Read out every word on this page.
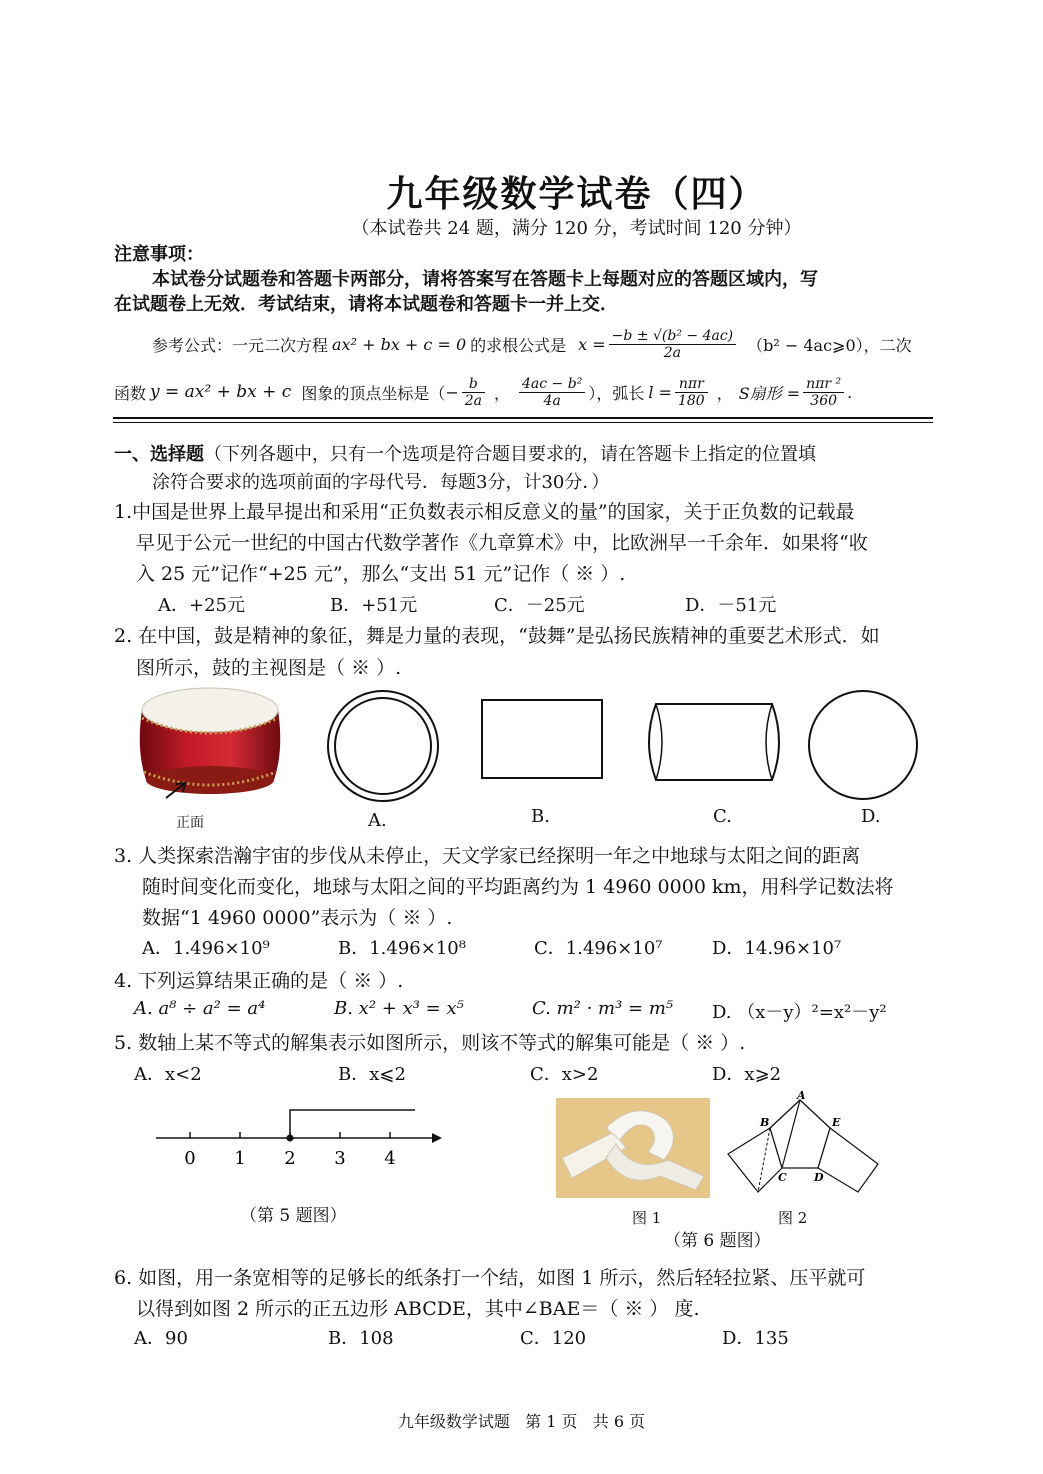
九年级数学试卷（四）
（本试卷共 24 题，满分 120 分，考试时间 120 分钟）
注意事项：
本试卷分试题卷和答题卡两部分，请将答案写在答题卡上每题对应的答题区域内，写
在试题卷上无效．考试结束，请将本试题卷和答题卡一并上交．
参考公式：一元二次方程 ax² + bx + c = 0 的求根公式是 $x = \frac{\text{−b ± √(b² − 4ac)}}{2a} (b^2$ − 4ac⩾0），二次
函数 y = ax² + bx + c 图象的顶点坐标是（ − $\frac{b}{2a}$ ， $\frac{\text{4ac − b²}}{4a}$ ），弧长 $l = \frac{\text{nπr}}{180}$ ， S扇形 = $\frac{\text{nπr ²}}{360}$ .
一、选择题（下列各题中，只有一个选项是符合题目要求的，请在答题卡上指定的位置填
涂符合要求的选项前面的字母代号．每题3分，计30分．）
1.中国是世界上最早提出和采用“正负数表示相反意义的量”的国家，关于正负数的记载最
早见于公元一世纪的中国古代数学著作《九章算术》中，比欧洲早一千余年．如果将“收
入 25 元”记作“+25 元”，那么“支出 51 元”记作（ ※ ）.
A．+25元	B．+51元	C．－25元	D．－51元
2. 在中国，鼓是精神的象征，舞是力量的表现，“鼓舞”是弘扬民族精神的重要艺术形式．如
图所示，鼓的主视图是（ ※ ）.
正面	A.	B.	C.	D.
3. 人类探索浩瀚宇宙的步伐从未停止，天文学家已经探明一年之中地球与太阳之间的距离
随时间变化而变化，地球与太阳之间的平均距离约为 1 4960 0000 km，用科学记数法将
数据“1 4960 0000”表示为（ ※ ）.
A．1.496×10⁹	B．1.496×10⁸	C．1.496×10⁷	D．14.96×10⁷
4. 下列运算结果正确的是（ ※ ）.
A. a⁸ ÷ a² = a⁴	B. x² + x³ = x⁵	C. m² · m³ = m⁵ D. （x－y）²=x²－y²
5. 数轴上某不等式的解集表示如图所示，则该不等式的解集可能是（ ※ ）.
A．x<2	B．x⩽2	C．x>2	D．x⩾2
0 1 2 3 4
（第 5 题图）	图 1
A
B	E
C D
图 2
（第 6 题图）
6. 如图，用一条宽相等的足够长的纸条打一个结，如图 1 所示，然后轻轻拉紧、压平就可
以得到如图 2 所示的正五边形 ABCDE，其中∠BAE＝（ ※ ） 度.
A．90	B．108	C．120	D．135
九年级数学试题   第 1 页   共 6 页
